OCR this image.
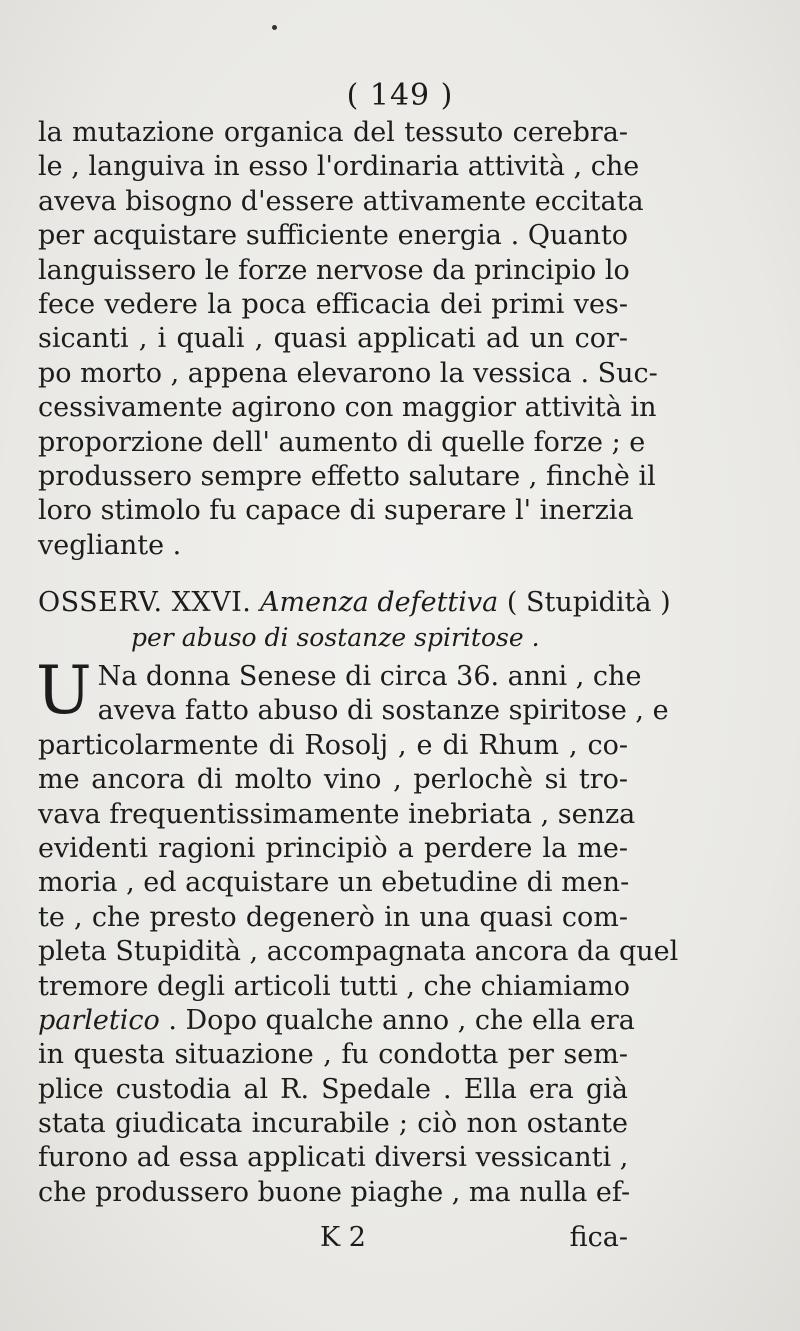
( 149 )
la mutazione organica del tessuto cerebra-
le , languiva in esso l'ordinaria attività , che
aveva bisogno d'essere attivamente eccitata
per acquistare sufficiente energia . Quanto
languissero le forze nervose da principio lo
fece vedere la poca efficacia dei primi ves-
sicanti , i quali , quasi applicati ad un cor-
po morto , appena elevarono la vessica . Suc-
cessivamente agirono con maggior attività in
proporzione dell' aumento di quelle forze ; e
produssero sempre effetto salutare , finchè il
loro stimolo fu capace di superare l' inerzia
vegliante .
OSSERV. XXVI. Amenza defettiva ( Stupidità )
per abuso di sostanze spiritose .
U Na donna Senese di circa 36. anni , che
aveva fatto abuso di sostanze spiritose , e
particolarmente di Rosolj , e di Rhum , co-
me ancora di molto vino , perlochè si tro-
vava frequentissimamente inebriata , senza
evidenti ragioni principiò a perdere la me-
moria , ed acquistare un ebetudine di men-
te , che presto degenerò in una quasi com-
pleta Stupidità , accompagnata ancora da quel
tremore degli articoli tutti , che chiamiamo
parletico . Dopo qualche anno , che ella era
in questa situazione , fu condotta per sem-
plice custodia al R. Spedale . Ella era già
stata giudicata incurabile ; ciò non ostante
furono ad essa applicati diversi vessicanti ,
che produssero buone piaghe , ma nulla ef-
K 2	fica-
